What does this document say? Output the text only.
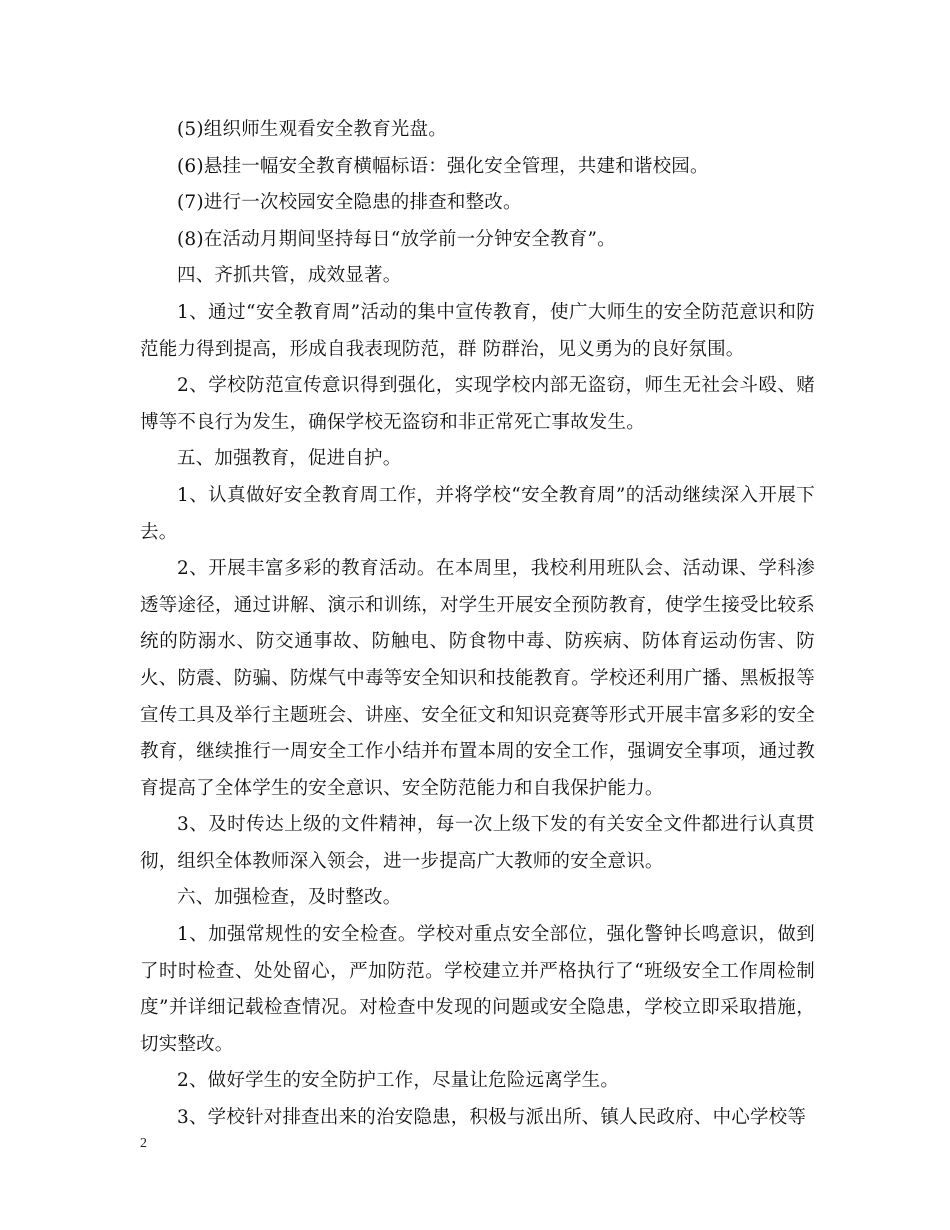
(5)组织师生观看安全教育光盘。

(6)悬挂一幅安全教育横幅标语：强化安全管理，共建和谐校园。

(7)进行一次校园安全隐患的排查和整改。

(8)在活动月期间坚持每日“放学前一分钟安全教育”。

四、齐抓共管，成效显著。

1、通过“安全教育周”活动的集中宣传教育，使广大师生的安全防范意识和防范能力得到提高，形成自我表现防范，群 防群治，见义勇为的良好氛围。

2、学校防范宣传意识得到强化，实现学校内部无盗窃，师生无社会斗殴、赌博等不良行为发生，确保学校无盗窃和非正常死亡事故发生。

五、加强教育，促进自护。

1、认真做好安全教育周工作，并将学校“安全教育周”的活动继续深入开展下去。

2、开展丰富多彩的教育活动。在本周里，我校利用班队会、活动课、学科渗透等途径，通过讲解、演示和训练，对学生开展安全预防教育，使学生接受比较系统的防溺水、防交通事故、防触电、防食物中毒、防疾病、防体育运动伤害、防火、防震、防骗、防煤气中毒等安全知识和技能教育。学校还利用广播、黑板报等宣传工具及举行主题班会、讲座、安全征文和知识竞赛等形式开展丰富多彩的安全教育，继续推行一周安全工作小结并布置本周的安全工作，强调安全事项，通过教育提高了全体学生的安全意识、安全防范能力和自我保护能力。

3、及时传达上级的文件精神，每一次上级下发的有关安全文件都进行认真贯彻，组织全体教师深入领会，进一步提高广大教师的安全意识。

六、加强检查，及时整改。

1、加强常规性的安全检查。学校对重点安全部位，强化警钟长鸣意识，做到了时时检查、处处留心，严加防范。学校建立并严格执行了“班级安全工作周检制度”并详细记载检查情况。对检查中发现的问题或安全隐患，学校立即采取措施，切实整改。

2、做好学生的安全防护工作，尽量让危险远离学生。

3、学校针对排查出来的治安隐患，积极与派出所、镇人民政府、中心学校等

2
